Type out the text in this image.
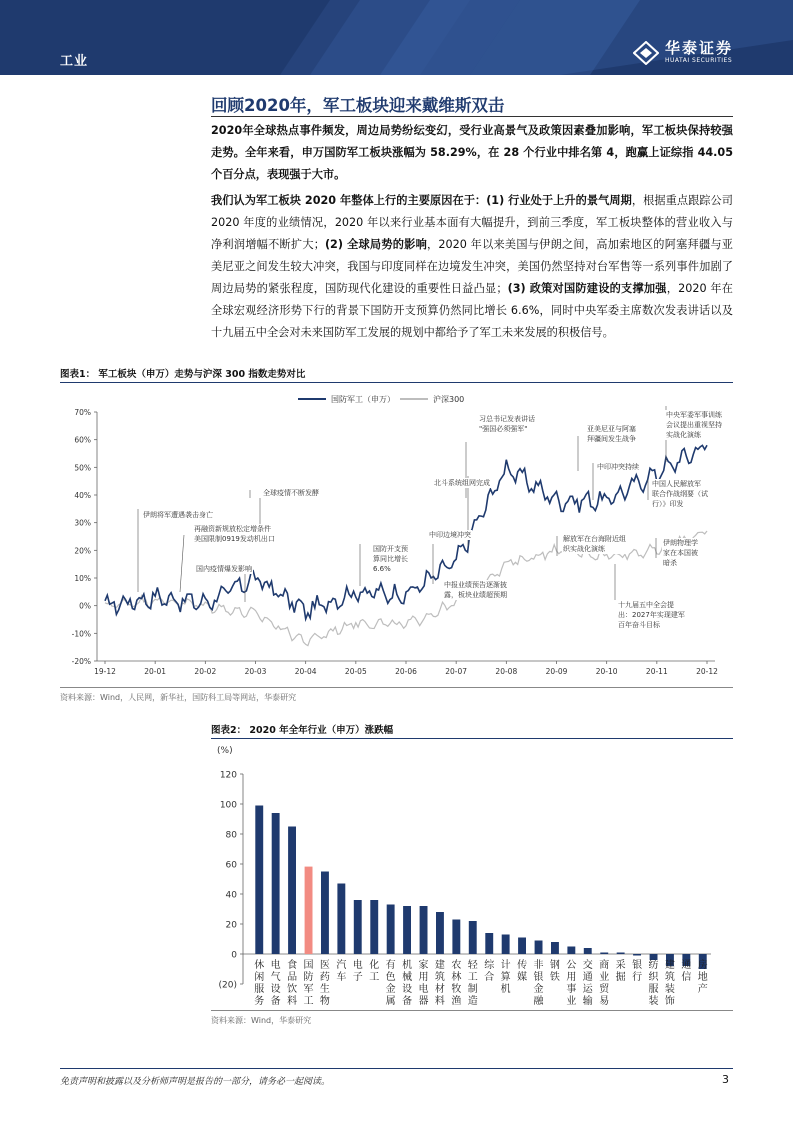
工业
华泰证券
HUATAI SECURITIES
回顾2020年，军工板块迎来戴维斯双击
2020年全球热点事件频发，周边局势纷纭变幻，受行业高景气及政策因素叠加影响，军工板块保持较强走势。全年来看，申万国防军工板块涨幅为 58.29%，在 28 个行业中排名第 4，跑赢上证综指 44.05 个百分点，表现强于大市。
我们认为军工板块 2020 年整体上行的主要原因在于：(1) 行业处于上升的景气周期，根据重点跟踪公司 2020 年度的业绩情况，2020 年以来行业基本面有大幅提升，到前三季度，军工板块整体的营业收入与净利润增幅不断扩大；(2) 全球局势的影响，2020 年以来美国与伊朗之间，高加索地区的阿塞拜疆与亚美尼亚之间发生较大冲突，我国与印度同样在边境发生冲突，美国仍然坚持对台军售等一系列事件加剧了周边局势的紧张程度，国防现代化建设的重要性日益凸显；(3) 政策对国防建设的支撑加强，2020 年在全球宏观经济形势下行的背景下国防开支预算仍然同比增长 6.6%，同时中央军委主席数次发表讲话以及十九届五中全会对未来国防军工发展的规划中都给予了军工未来发展的积极信号。
图表1： 军工板块（申万）走势与沪深 300 指数走势对比
70%
60%
50%
40%
30%
20%
10%
0%
-10%
-20%
19-12	20-01	20-02	20-03	20-04	20-05	20-06	20-07	20-08	20-09	20-10	20-11	20-12
国防军工（申万）	沪深300
伊朗将军遭遇袭击身亡
再融资新规放松定增条件
美国限制0919发动机出口
全球疫情不断发酵
国内疫情爆发影响
国防开支预
算同比增长
6.6%
中印边境冲突
北斗系统组网完成
中报业绩预告逐渐披
露，板块业绩超预期
习总书记发表讲话
"强国必须强军"	亚美尼亚与阿塞
拜疆间发生战争
中印冲突持续
解放军在台海附近组
织实战化演练
中央军委军事训练
会议提出重视坚持
实战化演练
中国人民解放军
联合作战纲要（试
行）》印发
伊朗物理学
家在本国被
暗杀
十九届五中全会提
出：2027年实现建军
百年奋斗目标
资料来源：Wind，人民网，新华社，国防科工局等网站，华泰研究
图表2： 2020 年全年行业（申万）涨跌幅
(%)
(20)
0
20
40
60
80
100
120
休
闲
服
务
电
气
设
备
食
品
饮
料
国
防
军
工
医
药
生
物
汽
车
电
子
化
工
有
色
金
属
机
械
设
备
家
用
电
器
建
筑
材
料
农
林
牧
渔
轻
工
制
造
综
合
计
算
机
传
媒
非
银
金
融
钢
铁
公
用
事
业
交
通
运
输
商
业
贸
易
采
掘
银
行
纺
织
服
装
建
筑
装
饰
通
信
房
地
产
资料来源：Wind，华泰研究
免责声明和披露以及分析师声明是报告的一部分，请务必一起阅读。	3
